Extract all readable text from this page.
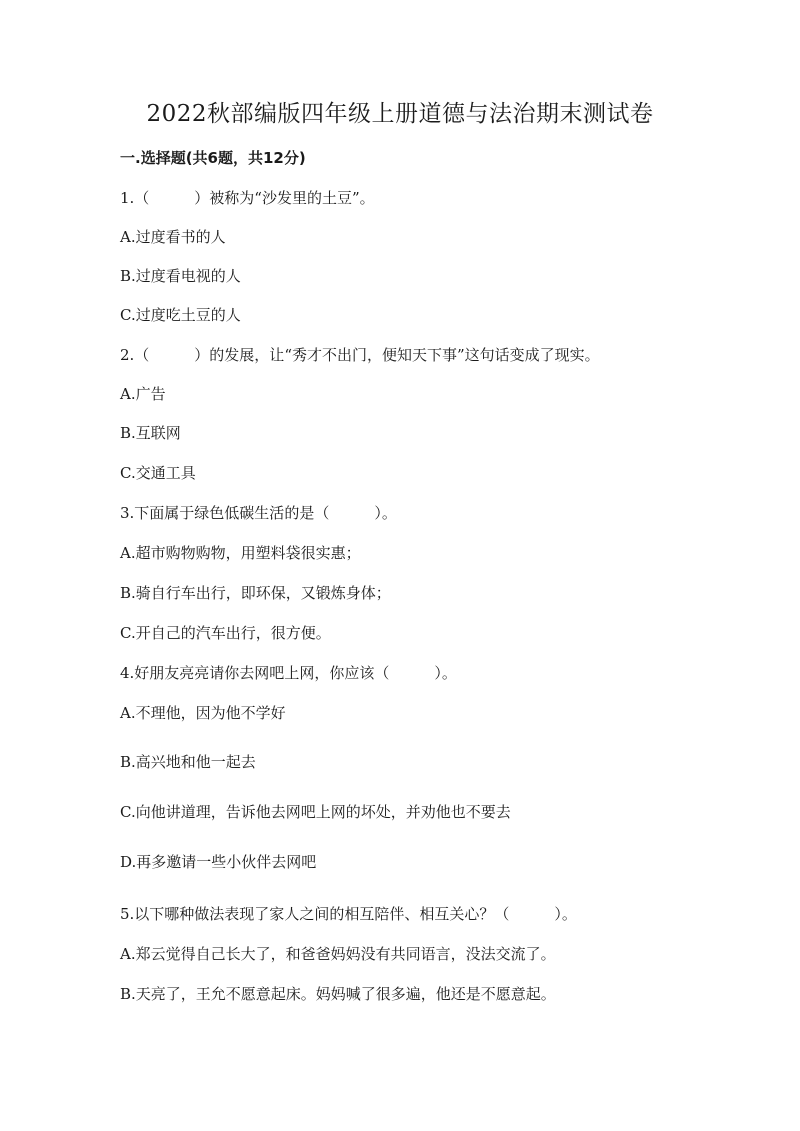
2022秋部编版四年级上册道德与法治期末测试卷
一.选择题(共6题，共12分)
1.（　　　）被称为“沙发里的土豆”。
A.过度看书的人
B.过度看电视的人
C.过度吃土豆的人
2.（　　　）的发展，让“秀才不出门，便知天下事”这句话变成了现实。
A.广告
B.互联网
C.交通工具
3.下面属于绿色低碳生活的是（　　　）。
A.超市购物购物，用塑料袋很实惠；
B.骑自行车出行，即环保，又锻炼身体；
C.开自己的汽车出行，很方便。
4.好朋友亮亮请你去网吧上网，你应该（　　　）。
A.不理他，因为他不学好
B.高兴地和他一起去
C.向他讲道理，告诉他去网吧上网的坏处，并劝他也不要去
D.再多邀请一些小伙伴去网吧
5.以下哪种做法表现了家人之间的相互陪伴、相互关心？（　　　）。
A.郑云觉得自己长大了，和爸爸妈妈没有共同语言，没法交流了。
B.天亮了，王允不愿意起床。妈妈喊了很多遍，他还是不愿意起。
